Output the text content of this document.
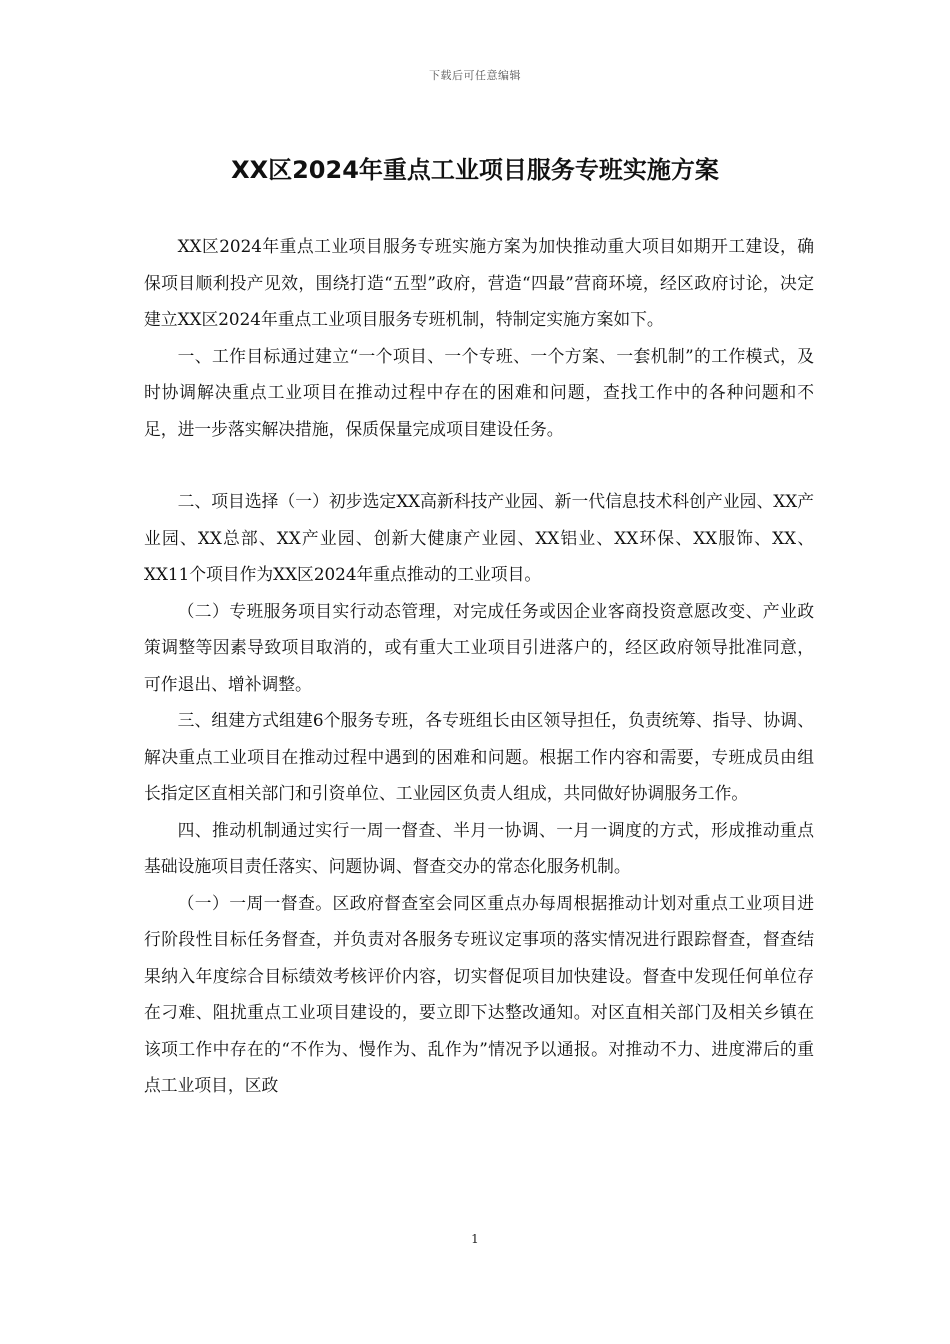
下载后可任意编辑
XX区2024年重点工业项目服务专班实施方案

XX区2024年重点工业项目服务专班实施方案为加快推动重大项目如期开工建设，确保项目顺利投产见效，围绕打造“五型”政府，营造“四最”营商环境，经区政府讨论，决定建立XX区2024年重点工业项目服务专班机制，特制定实施方案如下。

一、工作目标通过建立“一个项目、一个专班、一个方案、一套机制”的工作模式，及时协调解决重点工业项目在推动过程中存在的困难和问题，查找工作中的各种问题和不足，进一步落实解决措施，保质保量完成项目建设任务。

二、项目选择（一）初步选定XX高新科技产业园、新一代信息技术科创产业园、XX产业园、XX总部、XX产业园、创新大健康产业园、XX铝业、XX环保、XX服饰、XX、XX11个项目作为XX区2024年重点推动的工业项目。

（二）专班服务项目实行动态管理，对完成任务或因企业客商投资意愿改变、产业政策调整等因素导致项目取消的，或有重大工业项目引进落户的，经区政府领导批准同意，可作退出、增补调整。

三、组建方式组建6个服务专班，各专班组长由区领导担任，负责统筹、指导、协调、解决重点工业项目在推动过程中遇到的困难和问题。根据工作内容和需要，专班成员由组长指定区直相关部门和引资单位、工业园区负责人组成，共同做好协调服务工作。

四、推动机制通过实行一周一督查、半月一协调、一月一调度的方式，形成推动重点基础设施项目责任落实、问题协调、督查交办的常态化服务机制。

（一）一周一督查。区政府督查室会同区重点办每周根据推动计划对重点工业项目进行阶段性目标任务督查，并负责对各服务专班议定事项的落实情况进行跟踪督查，督查结果纳入年度综合目标绩效考核评价内容，切实督促项目加快建设。督查中发现任何单位存在刁难、阻扰重点工业项目建设的，要立即下达整改通知。对区直相关部门及相关乡镇在该项工作中存在的“不作为、慢作为、乱作为”情况予以通报。对推动不力、进度滞后的重点工业项目，区政

1
